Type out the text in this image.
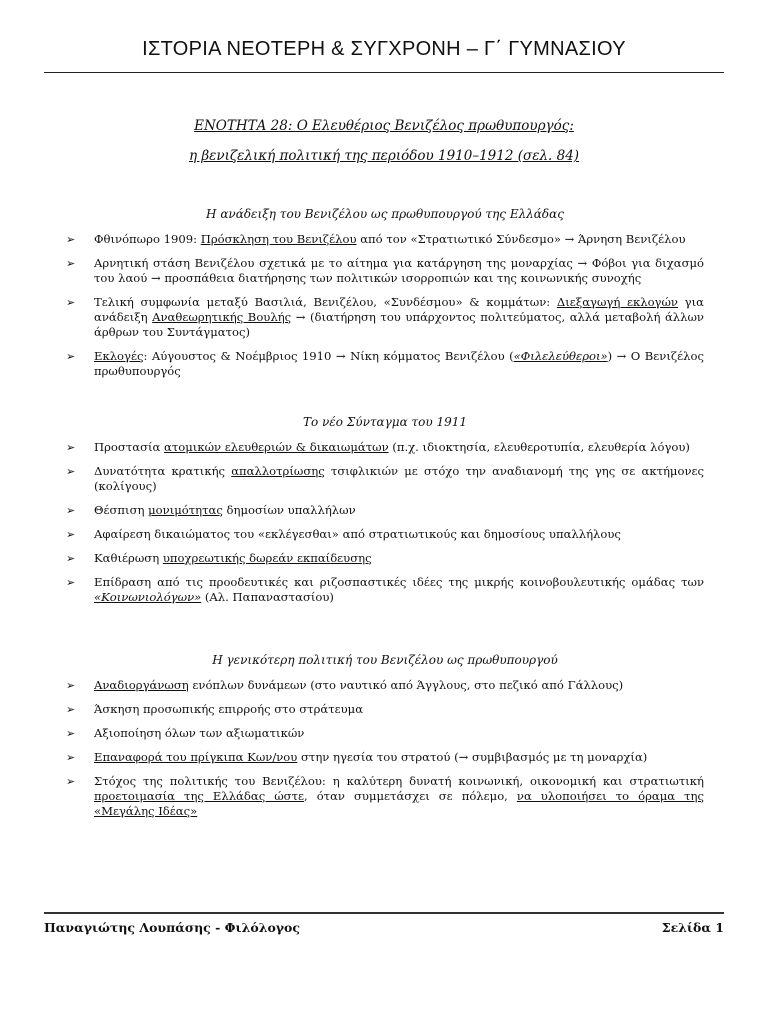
ΙΣΤΟΡΙΑ ΝΕΟΤΕΡΗ & ΣΥΓΧΡΟΝΗ – Γ΄ ΓΥΜΝΑΣΙΟΥ
ΕΝΟΤΗΤΑ 28: Ο Ελευθέριος Βενιζέλος πρωθυπουργός:
η βενιζελική πολιτική της περιόδου 1910–1912 (σελ. 84)
Η ανάδειξη του Βενιζέλου ως πρωθυπουργού της Ελλάδας
➢ Φθινόπωρο 1909: Πρόσκληση του Βενιζέλου από τον «Στρατιωτικό Σύνδεσμο» → Άρνηση Βενιζέλου
➢ Αρνητική στάση Βενιζέλου σχετικά με το αίτημα για κατάργηση της μοναρχίας → Φόβοι για διχασμό του λαού → προσπάθεια διατήρησης των πολιτικών ισορροπιών και της κοινωνικής συνοχής
➢ Τελική συμφωνία μεταξύ Βασιλιά, Βενιζέλου, «Συνδέσμου» & κομμάτων: Διεξαγωγή εκλογών για ανάδειξη Αναθεωρητικής Βουλής → (διατήρηση του υπάρχοντος πολιτεύματος, αλλά μεταβολή άλλων άρθρων του Συντάγματος)
➢ Εκλογές: Αύγουστος & Νοέμβριος 1910 → Νίκη κόμματος Βενιζέλου («Φιλελεύθεροι») → Ο Βενιζέλος πρωθυπουργός
Το νέο Σύνταγμα του 1911
➢ Προστασία ατομικών ελευθεριών & δικαιωμάτων (π.χ. ιδιοκτησία, ελευθεροτυπία, ελευθερία λόγου)
➢ Δυνατότητα κρατικής απαλλοτρίωσης τσιφλικιών με στόχο την αναδιανομή της γης σε ακτήμονες (κολίγους)
➢ Θέσπιση μονιμότητας δημοσίων υπαλλήλων
➢ Αφαίρεση δικαιώματος του «εκλέγεσθαι» από στρατιωτικούς και δημοσίους υπαλλήλους
➢ Καθιέρωση υποχρεωτικής δωρεάν εκπαίδευσης
➢ Επίδραση από τις προοδευτικές και ριζοσπαστικές ιδέες της μικρής κοινοβουλευτικής ομάδας των «Κοινωνιολόγων» (Αλ. Παπαναστασίου)
Η γενικότερη πολιτική του Βενιζέλου ως πρωθυπουργού
➢ Αναδιοργάνωση ενόπλων δυνάμεων (στο ναυτικό από Άγγλους, στο πεζικό από Γάλλους)
➢ Άσκηση προσωπικής επιρροής στο στράτευμα
➢ Αξιοποίηση όλων των αξιωματικών
➢ Επαναφορά του πρίγκιπα Κων/νου στην ηγεσία του στρατού (→ συμβιβασμός με τη μοναρχία)
➢ Στόχος της πολιτικής του Βενιζέλου: η καλύτερη δυνατή κοινωνική, οικονομική και στρατιωτική προετοιμασία της Ελλάδας ώστε, όταν συμμετάσχει σε πόλεμο, να υλοποιήσει το όραμα της «Μεγάλης Ιδέας»
Παναγιώτης Λουπάσης - Φιλόλογος	Σελίδα 1
